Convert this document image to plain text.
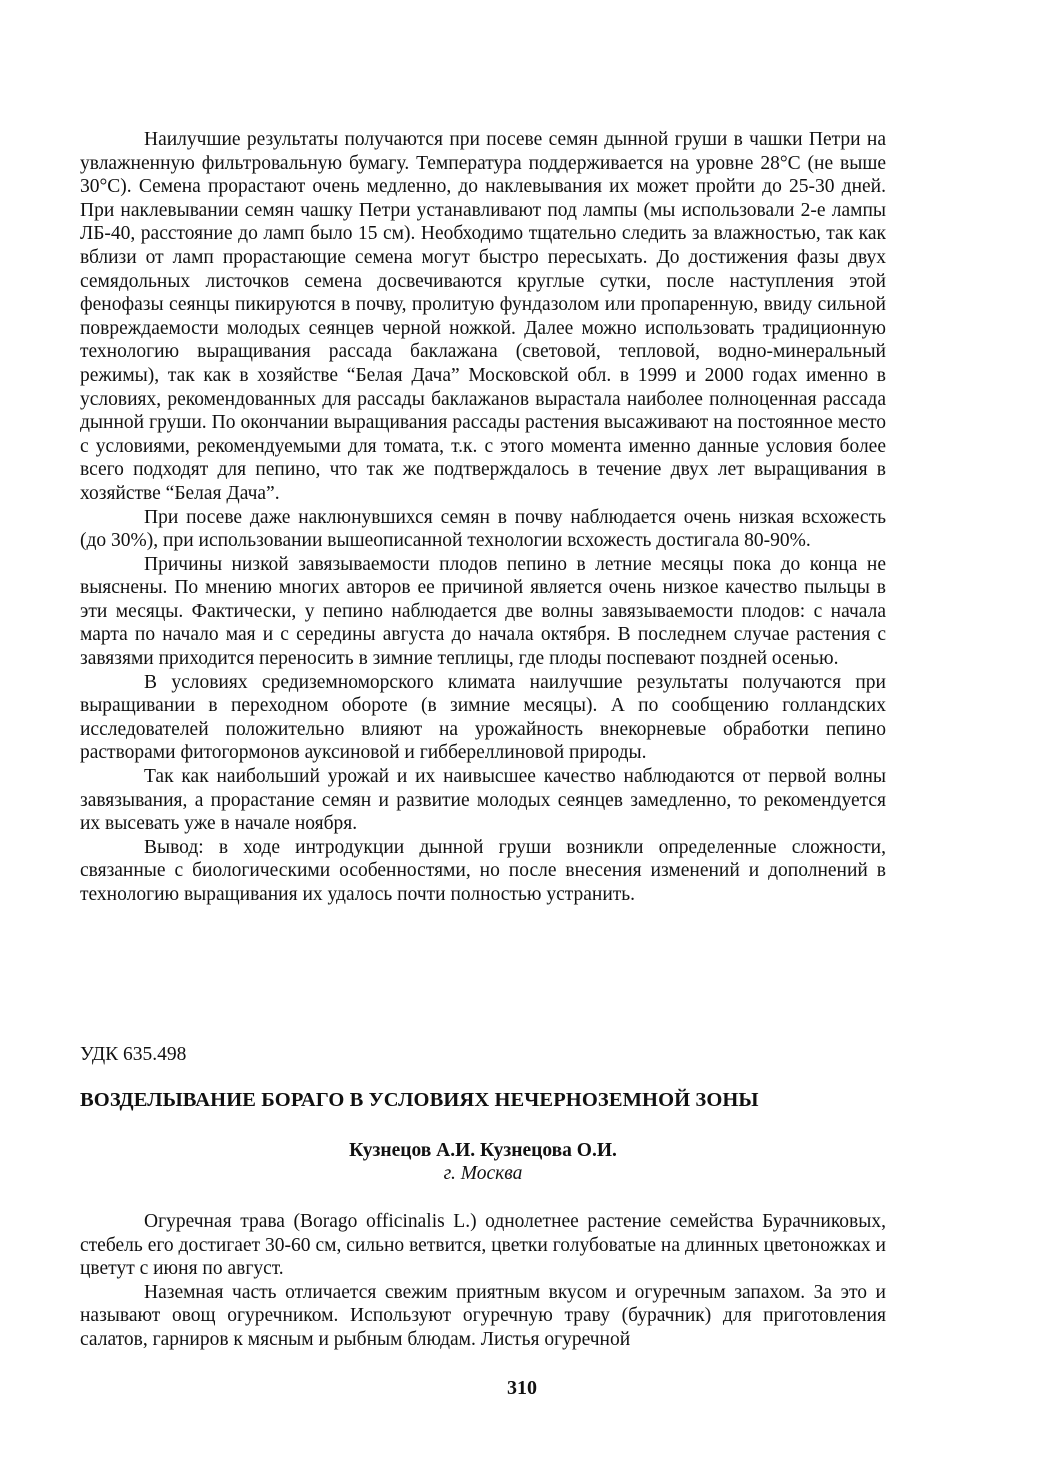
Наилучшие результаты получаются при посеве семян дынной груши в чашки Петри на увлажненную фильтровальную бумагу. Температура поддерживается на уровне 28°С (не выше 30°С). Семена прорастают очень медленно, до наклевывания их может пройти до 25-30 дней. При наклевывании семян чашку Петри устанавливают под лампы (мы использовали 2-е лампы ЛБ-40, расстояние до ламп было 15 см). Необходимо тщательно следить за влажностью, так как вблизи от ламп прорастающие семена могут быстро пересыхать. До достижения фазы двух семядольных листочков семена досвечиваются круглые сутки, после наступления этой фенофазы сеянцы пикируются в почву, пролитую фундазолом или пропаренную, ввиду сильной повреждаемости молодых сеянцев черной ножкой. Далее можно использовать традиционную технологию выращивания рассада баклажана (световой, тепловой, водно-минеральный режимы), так как в хозяйстве “Белая Дача” Московской обл. в 1999 и 2000 годах именно в условиях, рекомендованных для рассады баклажанов вырастала наиболее полноценная рассада дынной груши. По окончании выращивания рассады растения высаживают на постоянное место с условиями, рекомендуемыми для томата, т.к. с этого момента именно данные условия более всего подходят для пепино, что так же подтверждалось в течение двух лет выращивания в хозяйстве “Белая Дача”.

При посеве даже наклюнувшихся семян в почву наблюдается очень низкая всхожесть (до 30%), при использовании вышеописанной технологии всхожесть достигала 80-90%.

Причины низкой завязываемости плодов пепино в летние месяцы пока до конца не выяснены. По мнению многих авторов ее причиной является очень низкое качество пыльцы в эти месяцы. Фактически, у пепино наблюдается две волны завязываемости плодов: с начала марта по начало мая и с середины августа до начала октября. В последнем случае растения с завязями приходится переносить в зимние теплицы, где плоды поспевают поздней осенью.

В условиях средиземноморского климата наилучшие результаты получаются при выращивании в переходном обороте (в зимние месяцы). А по сообщению голландских исследователей положительно влияют на урожайность внекорневые обработки пепино растворами фитогормонов ауксиновой и гиббереллиновой природы.

Так как наибольший урожай и их наивысшее качество наблюдаются от первой волны завязывания, а прорастание семян и развитие молодых сеянцев замедленно, то рекомендуется их высевать уже в начале ноября.

Вывод: в ходе интродукции дынной груши возникли определенные сложности, связанные с биологическими особенностями, но после внесения изменений и дополнений в технологию выращивания их удалось почти полностью устранить.

УДК 635.498

ВОЗДЕЛЫВАНИЕ БОРАГО В УСЛОВИЯХ НЕЧЕРНОЗЕМНОЙ ЗОНЫ

Кузнецов А.И. Кузнецова О.И.

г. Москва

Огуречная трава (Borago officinalis L.) однолетнее растение семейства Бурачниковых, стебель его достигает 30-60 см, сильно ветвится, цветки голубоватые на длинных цветоножках и цветут с июня по август.

Наземная часть отличается свежим приятным вкусом и огуречным запахом. За это и называют овощ огуречником. Используют огуречную траву (бурачник) для приготовления салатов, гарниров к мясным и рыбным блюдам. Листья огуречной

310
